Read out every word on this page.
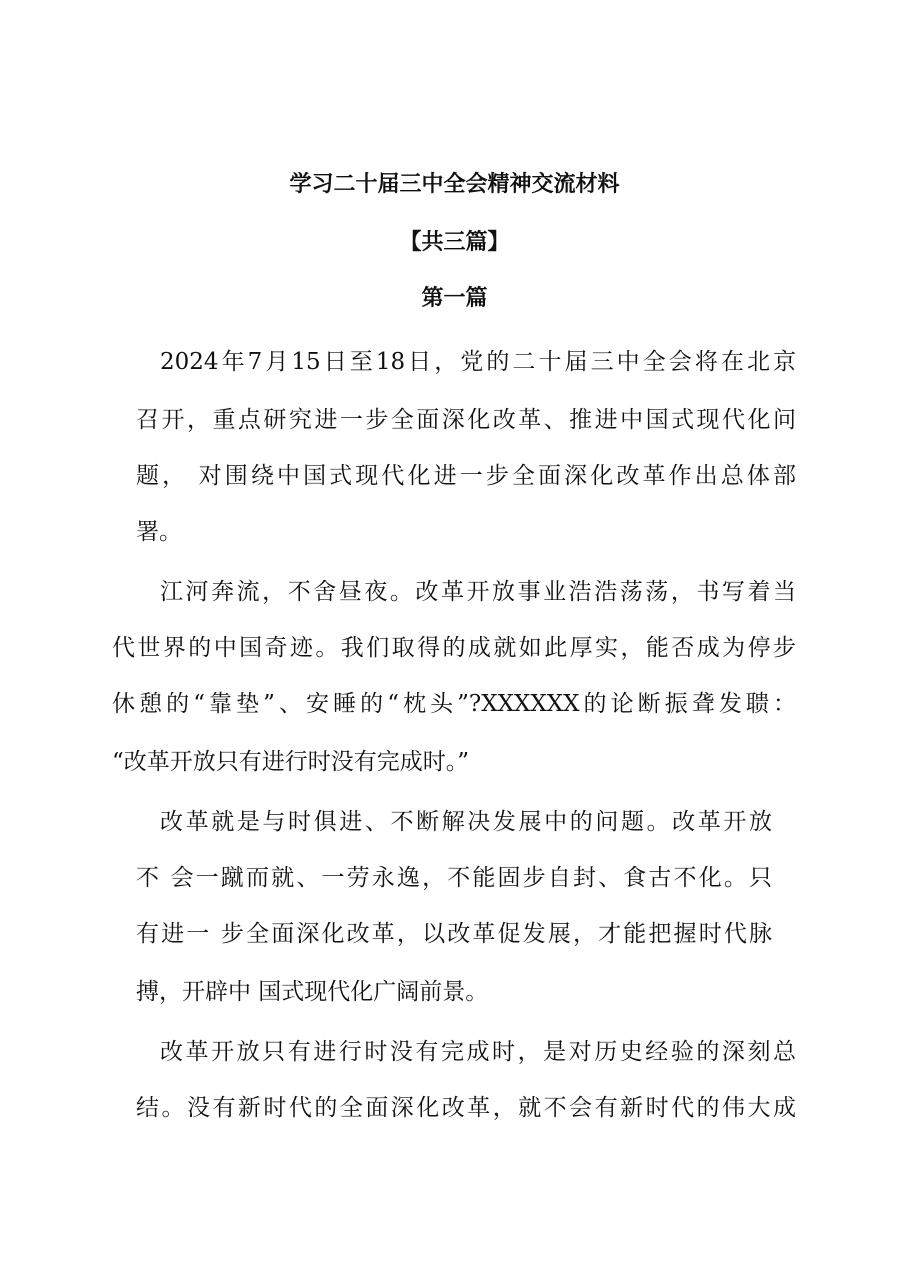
学习二十届三中全会精神交流材料
【共三篇】
第一篇
2024年7月15日至18日，党的二十届三中全会将在北京
召开，重点研究进一步全面深化改革、推进中国式现代化问
题， 对围绕中国式现代化进一步全面深化改革作出总体部
署。
江河奔流，不舍昼夜。改革开放事业浩浩荡荡，书写着当
代世界的中国奇迹。我们取得的成就如此厚实，能否成为停步
休憩的“靠垫”、安睡的“枕头”?XXXXXX的论断振聋发聩：
“改革开放只有进行时没有完成时。”
改革就是与时俱进、不断解决发展中的问题。改革开放
不 会一蹴而就、一劳永逸，不能固步自封、食古不化。只
有进一 步全面深化改革，以改革促发展，才能把握时代脉
搏，开辟中 国式现代化广阔前景。
改革开放只有进行时没有完成时，是对历史经验的深刻总
结。没有新时代的全面深化改革，就不会有新时代的伟大成
